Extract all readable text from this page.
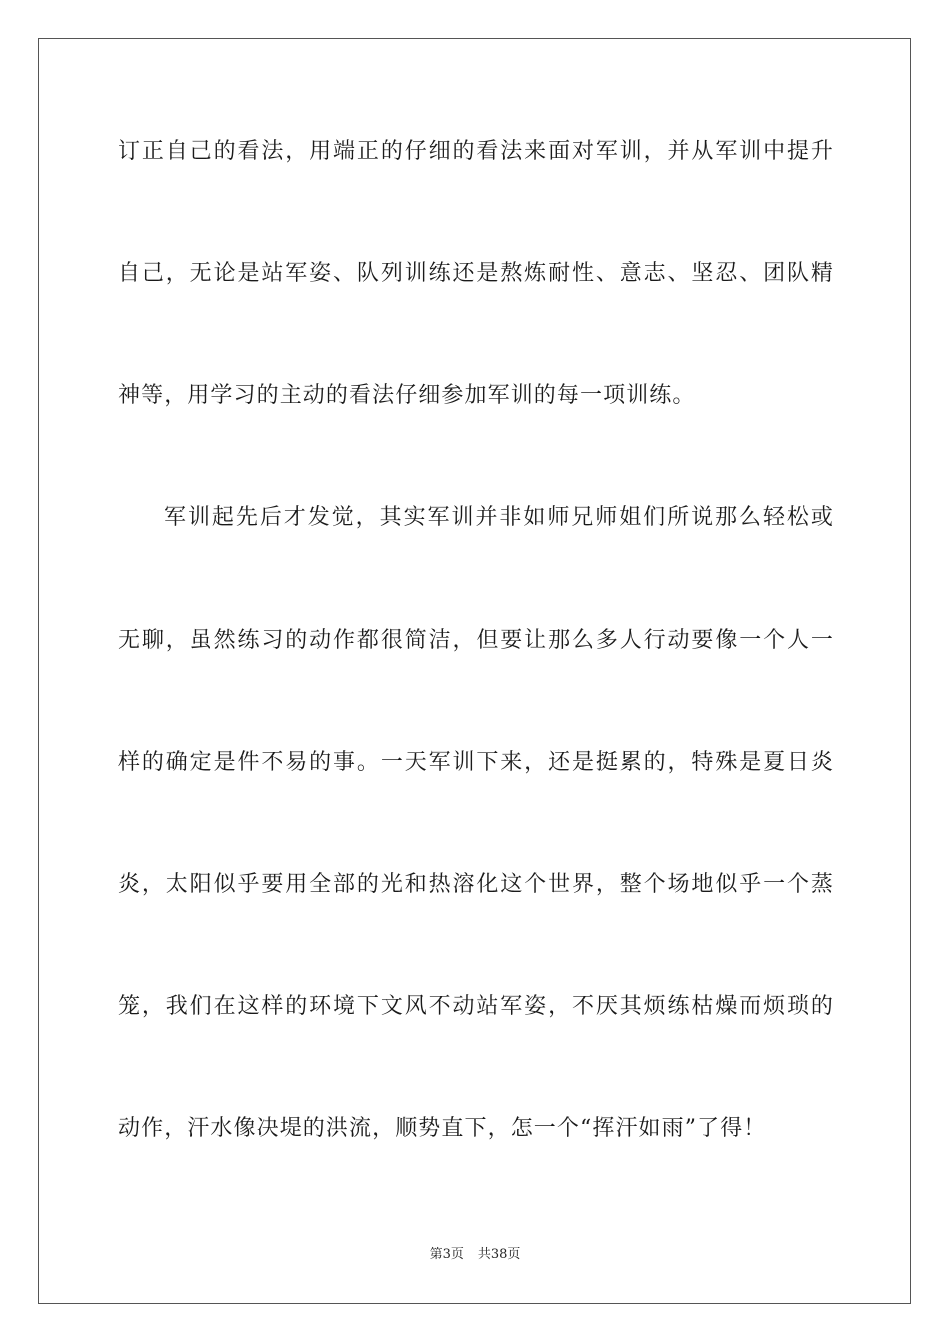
订正自己的看法，用端正的仔细的看法来面对军训，并从军训中提升
自己，无论是站军姿、队列训练还是熬炼耐性、意志、坚忍、团队精
神等，用学习的主动的看法仔细参加军训的每一项训练。
军训起先后才发觉，其实军训并非如师兄师姐们所说那么轻松或
无聊，虽然练习的动作都很简洁，但要让那么多人行动要像一个人一
样的确定是件不易的事。一天军训下来，还是挺累的，特殊是夏日炎
炎，太阳似乎要用全部的光和热溶化这个世界，整个场地似乎一个蒸
笼，我们在这样的环境下文风不动站军姿，不厌其烦练枯燥而烦琐的
动作，汗水像决堤的洪流，顺势直下，怎一个“挥汗如雨”了得！
第3页 共38页
